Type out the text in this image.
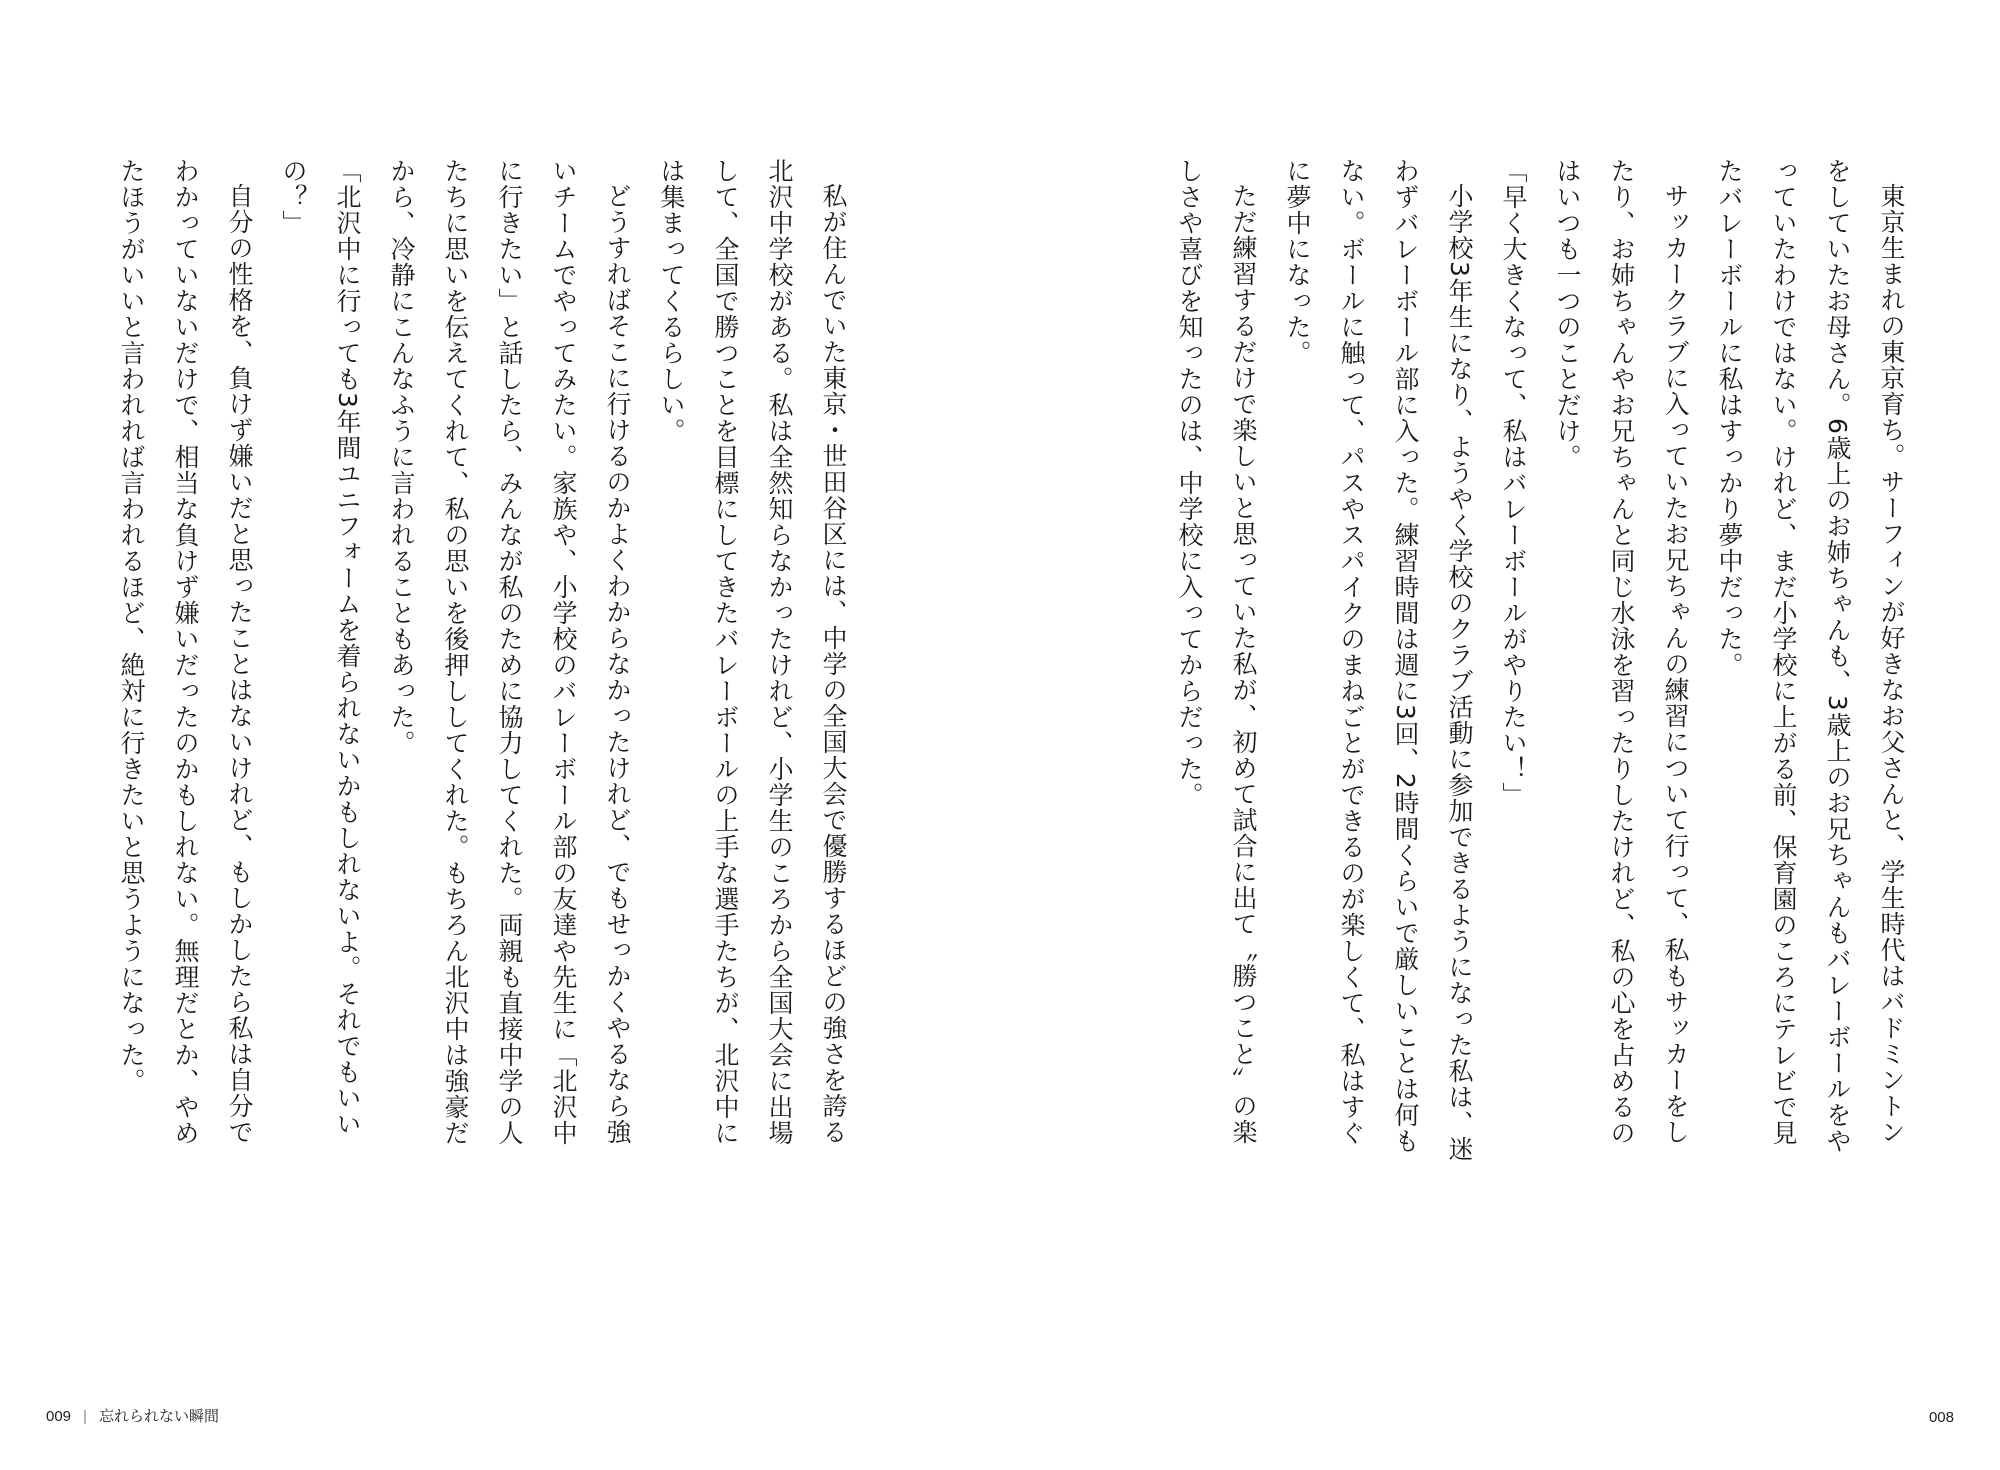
私が住んでいた東京・世田谷区には、中学の全国大会で優勝するほどの強さを誇る北沢中学校がある。私は全然知らなかったけれど、小学生のころから全国大会に出場して、全国で勝つことを目標にしてきたバレーボールの上手な選手たちが、北沢中には集まってくるらしい。

どうすればそこに行けるのかよくわからなかったけれど、でもせっかくやるなら強いチームでやってみたい。家族や、小学校のバレーボール部の友達や先生に「北沢中に行きたい」と話したら、みんなが私のために協力してくれた。両親も直接中学の人たちに思いを伝えてくれて、私の思いを後押ししてくれた。もちろん北沢中は強豪だから、冷静にこんなふうに言われることもあった。

「北沢中に行っても3年間ユニフォームを着られないかもしれないよ。それでもいいの？」

自分の性格を、負けず嫌いだと思ったことはないけれど、もしかしたら私は自分でわかっていないだけで、相当な負けず嫌いだったのかもしれない。無理だとか、やめたほうがいいと言われれば言われるほど、絶対に行きたいと思うようになった。

009 | 忘れられない瞬間

東京生まれの東京育ち。サーフィンが好きなお父さんと、学生時代はバドミントンをしていたお母さん。6歳上のお姉ちゃんも、3歳上のお兄ちゃんもバレーボールをやっていたわけではない。けれど、まだ小学校に上がる前、保育園のころにテレビで見たバレーボールに私はすっかり夢中だった。

サッカークラブに入っていたお兄ちゃんの練習について行って、私もサッカーをしたり、お姉ちゃんやお兄ちゃんと同じ水泳を習ったりしたけれど、私の心を占めるのはいつも一つのことだけ。

「早く大きくなって、私はバレーボールがやりたい！」

小学校3年生になり、ようやく学校のクラブ活動に参加できるようになった私は、迷わずバレーボール部に入った。練習時間は週に3回、2時間くらいで厳しいことは何もない。ボールに触って、パスやスパイクのまねごとができるのが楽しくて、私はすぐに夢中になった。

ただ練習するだけで楽しいと思っていた私が、初めて試合に出て〝勝つこと〟の楽しさや喜びを知ったのは、中学校に入ってからだった。

008
